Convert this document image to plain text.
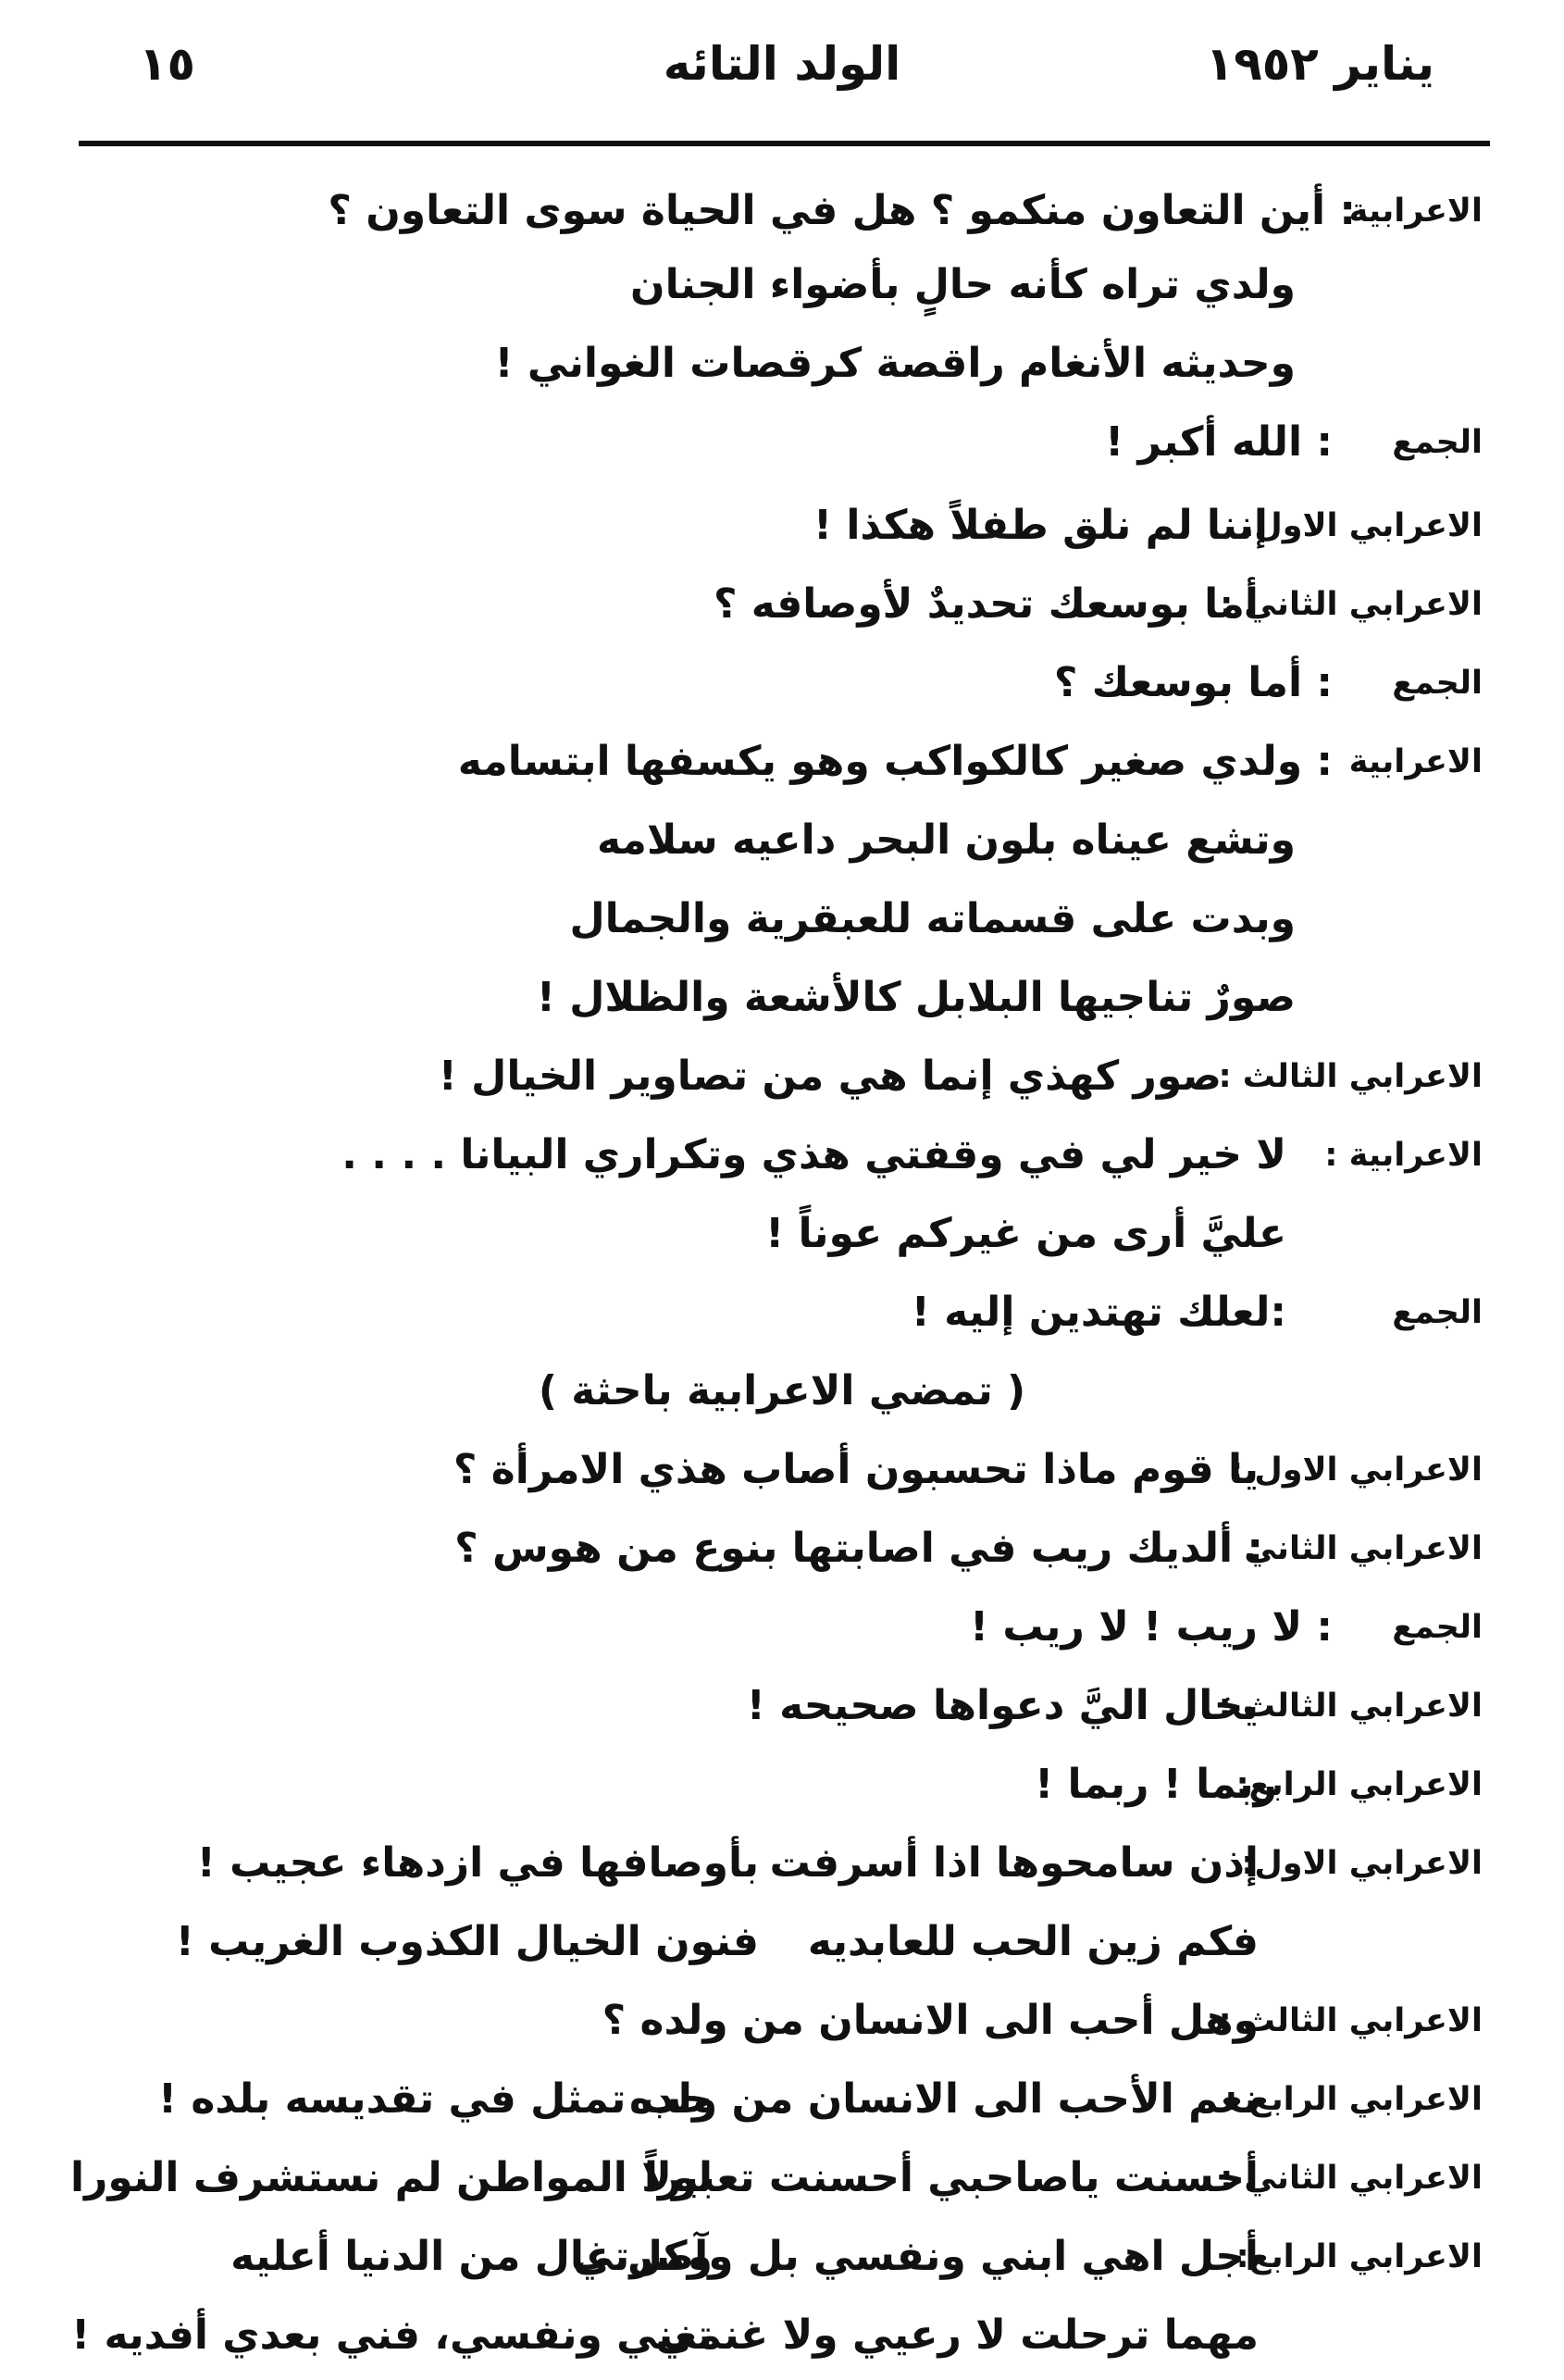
يناير ١٩٥٢
الولد التائه
١٥
الاعرابية
: أين التعاون منكمو ؟ هل في الحياة سوى التعاون ؟
ولدي تراه كأنه حالٍ بأضواء الجنان
وحديثه الأنغام راقصة كرقصات الغواني !
الجمع
: الله أكبر !
الاعرابي الاول.
إننا لم نلق طفلاً هكذا !
الاعرابي الثاني :
أما بوسعك تحديدٌ لأوصافه ؟
الجمع
: أما بوسعك ؟
الاعرابية
: ولدي صغير كالكواكب وهو يكسفها ابتسامه
وتشع عيناه بلون البحر داعيه سلامه
وبدت على قسماته للعبقرية والجمال
صورٌ تناجيها البلابل كالأشعة والظلال !
الاعرابي الثالث :
صور كهذي إنما هي من تصاوير الخيال !
الاعرابية :
لا خير لي في وقفتي هذي وتكراري البيانا . . . .
عليَّ أرى من غيركم عوناً !
الجمع
:لعلك تهتدين إليه !
( تمضي الاعرابية باحثة )
الاعرابي الاول :
يا قوم ماذا تحسبون أصاب هذي الامرأة ؟
الاعرابي الثاني
: ألديك ريب في اصابتها بنوع من هوس ؟
الجمع
: لا ريب ! لا ريب !
الاعرابي الثالث :
يخال اليَّ دعواها صحيحه !
الاعرابي الرابع:
ربما ! ربما !
الاعرابي الاول:
إذن سامحوها اذا أسرفت
بأوصافها في ازدهاء عجيب !
فكم زين الحب للعابديه
فنون الخيال الكذوب الغريب !
الاعرابي الثالث :
وهل أحب الى الانسان من ولده ؟
الاعرابي الرابع :
نعم الأحب الى الانسان من ولده
حب تمثل في تقديسه بلده !
الاعرابي الثاني :
أحسنت ياصاحبي أحسنت تعبيراً
لولا المواطن لم نستشرف النورا
الاعرابي الرابع:
أجل اهي ابني ونفسي بل وآصرتي
وكل غال من الدنيا أعليه
مهما ترحلت لا رعيي ولا غنمي
تغني ونفسي، فني بعدي أفديه !
